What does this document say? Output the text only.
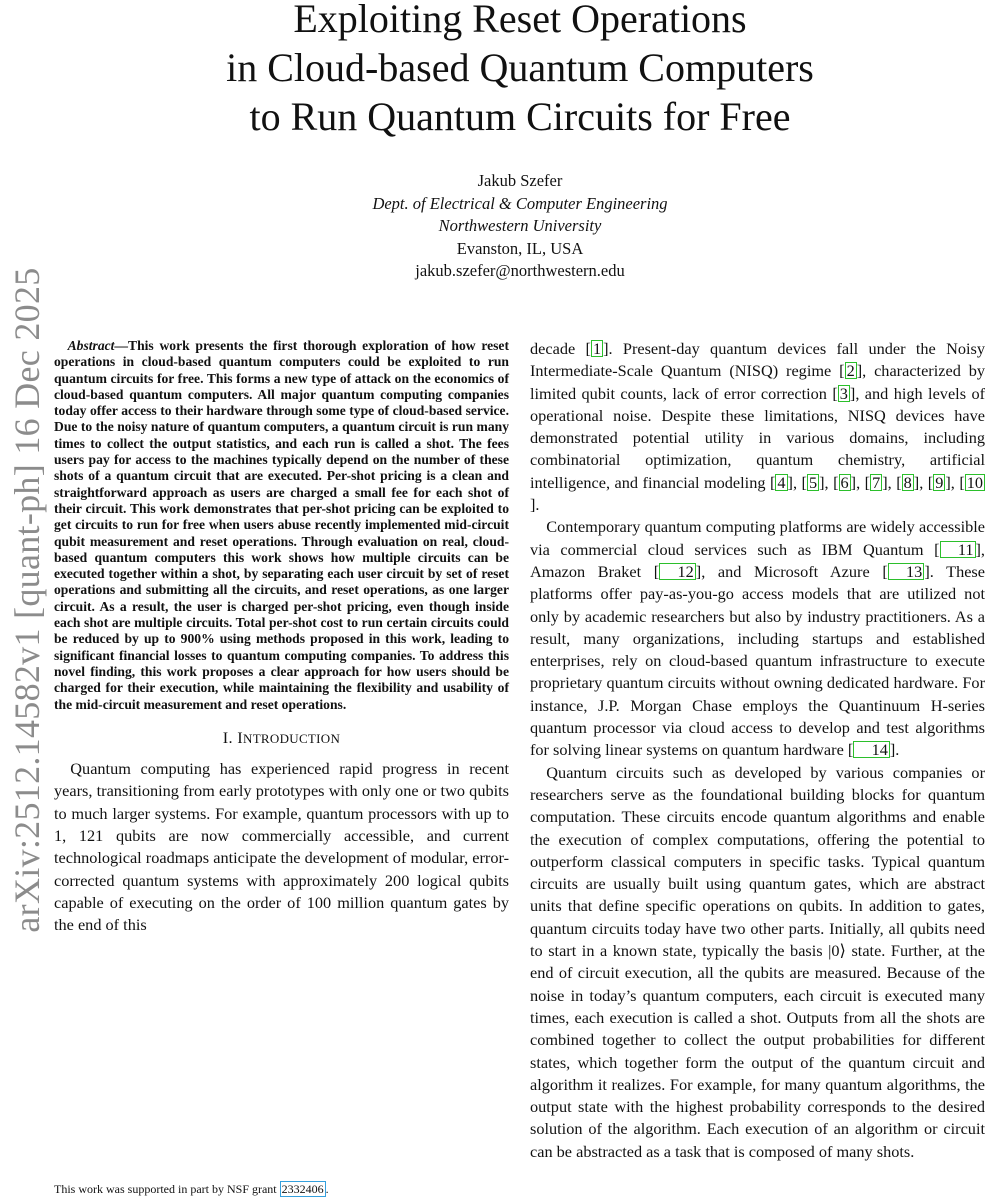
arXiv:2512.14582v1 [quant-ph] 16 Dec 2025
Exploiting Reset Operations
in Cloud-based Quantum Computers
to Run Quantum Circuits for Free
Jakub Szefer
Dept. of Electrical & Computer Engineering
Northwestern University
Evanston, IL, USA
jakub.szefer@northwestern.edu

Abstract—This work presents the first thorough exploration of how reset operations in cloud-based quantum computers could be exploited to run quantum circuits for free. This forms a new type of attack on the economics of cloud-based quantum computers. All major quantum computing companies today offer access to their hardware through some type of cloud-based service. Due to the noisy nature of quantum computers, a quantum circuit is run many times to collect the output statistics, and each run is called a shot. The fees users pay for access to the machines typically depend on the number of these shots of a quantum circuit that are executed. Per-shot pricing is a clean and straightforward approach as users are charged a small fee for each shot of their circuit. This work demonstrates that per-shot pricing can be exploited to get circuits to run for free when users abuse recently implemented mid-circuit qubit measurement and reset operations. Through evaluation on real, cloud-based quantum computers this work shows how multiple circuits can be executed together within a shot, by separating each user circuit by set of reset operations and submitting all the circuits, and reset operations, as one larger circuit. As a result, the user is charged per-shot pricing, even though inside each shot are multiple circuits. Total per-shot cost to run certain circuits could be reduced by up to 900% using methods proposed in this work, leading to significant financial losses to quantum computing companies. To address this novel finding, this work proposes a clear approach for how users should be charged for their execution, while maintaining the flexibility and usability of the mid-circuit measurement and reset operations.

I. INTRODUCTION

Quantum computing has experienced rapid progress in recent years, transitioning from early prototypes with only one or two qubits to much larger systems. For example, quantum processors with up to 1, 121 qubits are now commercially accessible, and current technological roadmaps anticipate the development of modular, error-corrected quantum systems with approximately 200 logical qubits capable of executing on the order of 100 million quantum gates by the end of this

decade [ 1 ]. Present-day quantum devices fall under the Noisy Intermediate-Scale Quantum (NISQ) regime [ 2 ], characterized by limited qubit counts, lack of error correction [ 3 ], and high levels of operational noise. Despite these limitations, NISQ devices have demonstrated potential utility in various domains, including combinatorial optimization, quantum chemistry, artificial intelligence, and financial modeling [ 4 ], [ 5 ], [ 6 ], [ 7 ], [ 8 ], [ 9 ], [ 10].

Contemporary quantum computing platforms are widely accessible via commercial cloud services such as IBM Quantum [ 11 ], Amazon Braket [ 12 ], and Microsoft Azure [ 13 ]. These platforms offer pay-as-you-go access models that are utilized not only by academic researchers but also by industry practitioners. As a result, many organizations, including startups and established enterprises, rely on cloud-based quantum infrastructure to execute proprietary quantum circuits without owning dedicated hardware. For instance, J.P. Morgan Chase employs the Quantinuum H-series quantum processor via cloud access to develop and test algorithms for solving linear systems on quantum hardware [ 14 ].

Quantum circuits such as developed by various companies or researchers serve as the foundational building blocks for quantum computation. These circuits encode quantum algorithms and enable the execution of complex computations, offering the potential to outperform classical computers in specific tasks. Typical quantum circuits are usually built using quantum gates, which are abstract units that define specific operations on qubits. In addition to gates, quantum circuits today have two other parts. Initially, all qubits need to start in a known state, typically the basis |0⟩ state. Further, at the end of circuit execution, all the qubits are measured. Because of the noise in today’s quantum computers, each circuit is executed many times, each execution is called a shot. Outputs from all the shots are combined together to collect the output probabilities for different states, which together form the output of the quantum circuit and algorithm it realizes. For example, for many quantum algorithms, the output state with the highest probability corresponds to the desired solution of the algorithm. Each execution of an algorithm or circuit can be abstracted as a task that is composed of many shots.

This work was supported in part by NSF grant 2332406 .
